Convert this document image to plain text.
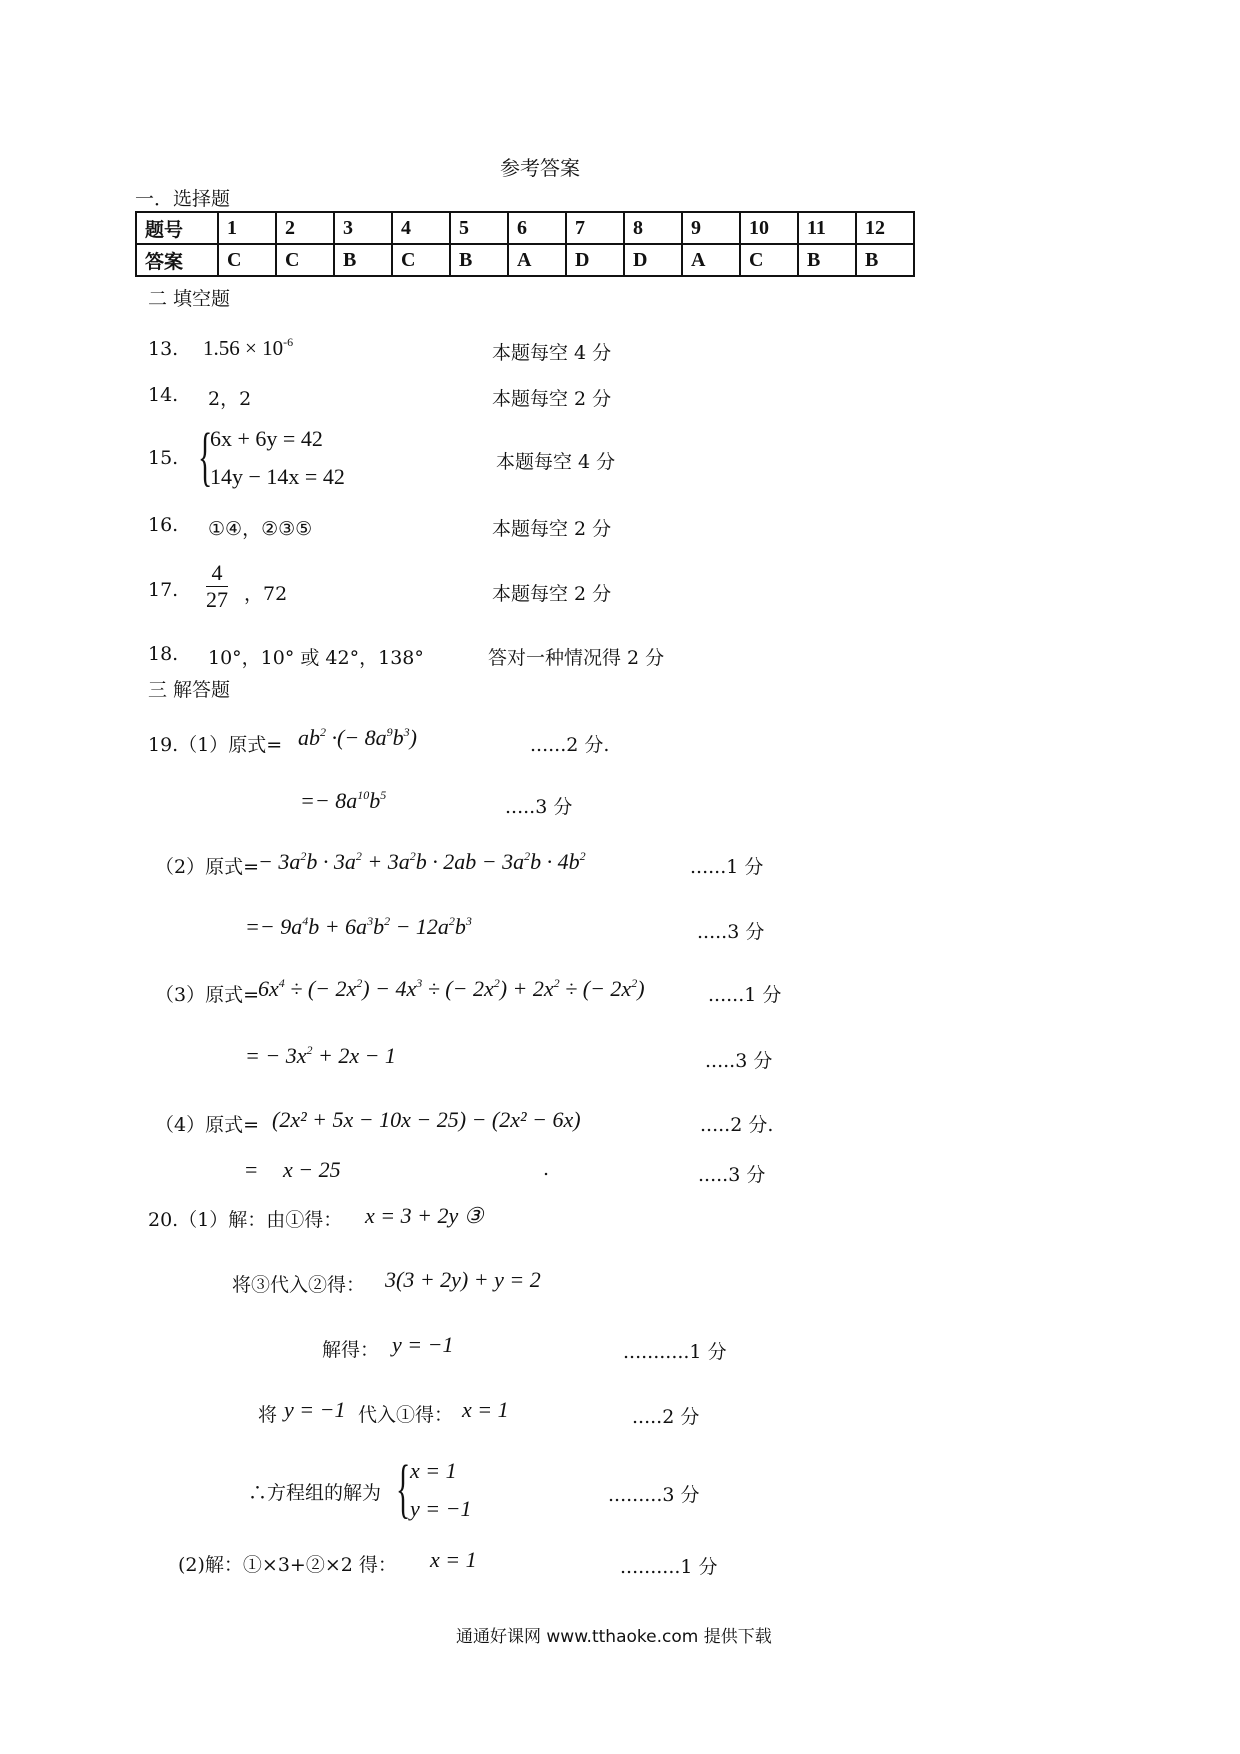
参考答案
一．选择题
题号	1	2	3	4	5	6	7	8	9	10	11	12
答案	C	C	B	C	B	A	D	D	A	C	B	B
二 填空题
13. $1.56 \times 10^{-6}$	本题每空 4 分
14. 2，2	本题每空 2 分
15. {
6x + 6y = 42
14y − 14x = 42
本题每空 4 分
16. ①④，②③⑤	本题每空 2 分
17. $\frac{4}{27}$ ，72	本题每空 2 分
18. 10°，10° 或 42°，138°	答对一种情况得 2 分
三 解答题
19.（1）原式= $ab^2$ ·(− $8a^9b^3$)	......2 分.
=− $8a^{10}b^5$
.....3 分
（2）原式=
− $3a^2b \cdot 3a^2 + 3a^2b \cdot 2ab - 3a^2b \cdot 4b^2$	......1 分
=− $9a^4b + 6a^3b^2 - 12a^2b^3$	.....3 分
（3）原式=
$6x^4$ ÷ (− $2x^2) - 4x^3$ ÷ (− $2x^2) + 2x^2$ ÷ (− $2x^2$)	......1 分
= − $3x^2 + 2x - 1$	.....3 分
（4）原式= (2x² + 5x − 10x − 25) − (2x² − 6x)	.....2 分.
= x − 25	.	.....3 分
20.（1）解：由①得： x = 3 + 2y ③
将③代入②得： 3(3 + 2y) + y = 2
解得： y = −1	...........1 分
将 y = −1 代入①得： x = 1	.....2 分
∴方程组的解为 { x = 1
y = −1
.........3 分
(2)解：①×3+②×2 得： x = 1	..........1 分
通通好课网 www.tthaoke.com 提供下载
